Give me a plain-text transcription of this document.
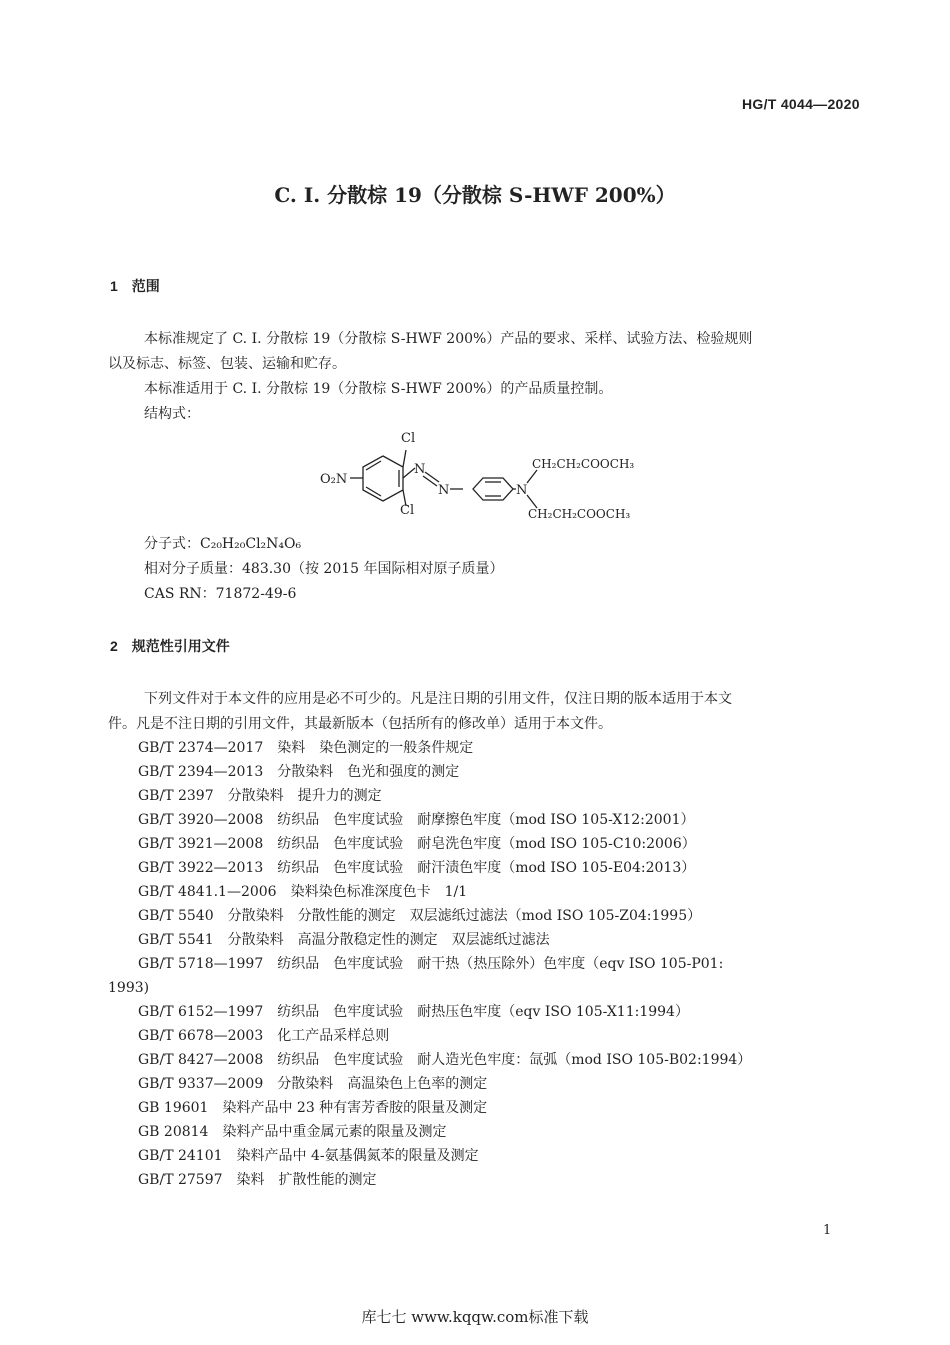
HG/T 4044—2020
C. I. 分散棕 19（分散棕 S-HWF 200%）
1　范围
本标准规定了 C. I. 分散棕 19（分散棕 S-HWF 200%）产品的要求、采样、试验方法、检验规则
以及标志、标签、包装、运输和贮存。
本标准适用于 C. I. 分散棕 19（分散棕 S-HWF 200%）的产品质量控制。
结构式：
Cl
Cl
O₂N
N
N	N
CH₂CH₂COOCH₃
CH₂CH₂COOCH₃
分子式：C₂₀H₂₀Cl₂N₄O₆
相对分子质量：483.30（按 2015 年国际相对原子质量）
CAS RN：71872-49-6
2　规范性引用文件
下列文件对于本文件的应用是必不可少的。凡是注日期的引用文件，仅注日期的版本适用于本文
件。凡是不注日期的引用文件，其最新版本（包括所有的修改单）适用于本文件。
GB/T 2374—2017　染料　染色测定的一般条件规定
GB/T 2394—2013　分散染料　色光和强度的测定
GB/T 2397　分散染料　提升力的测定
GB/T 3920—2008　纺织品　色牢度试验　耐摩擦色牢度（mod ISO 105-X12:2001）
GB/T 3921—2008　纺织品　色牢度试验　耐皂洗色牢度（mod ISO 105-C10:2006）
GB/T 3922—2013　纺织品　色牢度试验　耐汗渍色牢度（mod ISO 105-E04:2013）
GB/T 4841.1—2006　染料染色标准深度色卡　1/1
GB/T 5540　分散染料　分散性能的测定　双层滤纸过滤法（mod ISO 105-Z04:1995）
GB/T 5541　分散染料　高温分散稳定性的测定　双层滤纸过滤法
GB/T 5718—1997　纺织品　色牢度试验　耐干热（热压除外）色牢度（eqv ISO 105-P01:
1993)
GB/T 6152—1997　纺织品　色牢度试验　耐热压色牢度（eqv ISO 105-X11:1994）
GB/T 6678—2003　化工产品采样总则
GB/T 8427—2008　纺织品　色牢度试验　耐人造光色牢度：氙弧（mod ISO 105-B02:1994）
GB/T 9337—2009　分散染料　高温染色上色率的测定
GB 19601　染料产品中 23 种有害芳香胺的限量及测定
GB 20814　染料产品中重金属元素的限量及测定
GB/T 24101　染料产品中 4-氨基偶氮苯的限量及测定
GB/T 27597　染料　扩散性能的测定
1
库七七 www.kqqw.com标准下载
